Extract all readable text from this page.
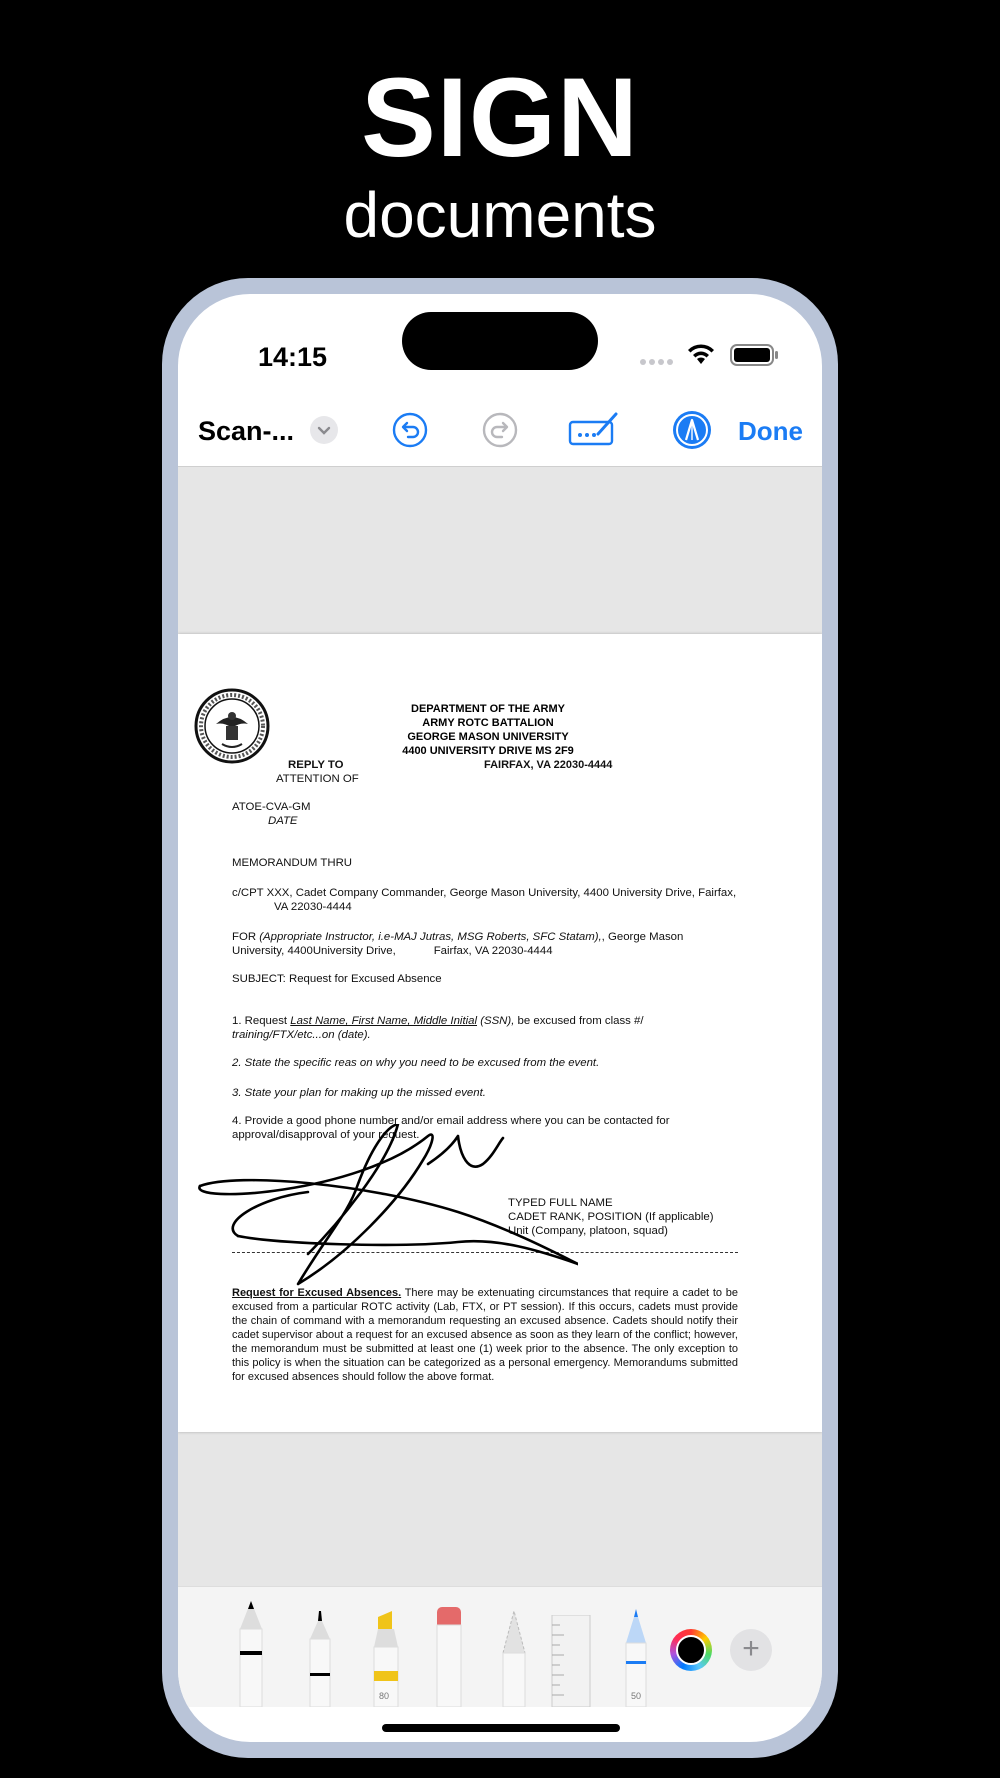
SIGN
documents
14:15
Scan-...	Done
DEPARTMENT OF THE ARMY
ARMY ROTC BATTALION
GEORGE MASON UNIVERSITY
4400 UNIVERSITY DRIVE MS 2F9
FAIRFAX, VA 22030-4444
REPLY TO
ATTENTION OF
ATOE-CVA-GM
DATE
MEMORANDUM THRU
c/CPT XXX, Cadet Company Commander, George Mason University, 4400 University Drive, Fairfax,
VA 22030-4444
FOR (Appropriate Instructor, i.e-MAJ Jutras, MSG Roberts, SFC Statam),, George Mason
University, 4400University Drive,            Fairfax, VA 22030-4444
SUBJECT: Request for Excused Absence
1. Request Last Name, First Name, Middle Initial (SSN), be excused from class #/
training/FTX/etc...on (date).
2. State the specific reas on why you need to be excused from the event.
3. State your plan for making up the missed event.
4. Provide a good phone number and/or email address where you can be contacted for
approval/disapproval of your request.
TYPED FULL NAME
CADET RANK, POSITION (If applicable)
Unit (Company, platoon, squad)
Request for Excused Absences. There may be extenuating circumstances that require a cadet to be excused from a particular ROTC activity (Lab, FTX, or PT session). If this occurs, cadets must provide the chain of command with a memorandum requesting an excused absence. Cadets should notify their cadet supervisor about a request for an excused absence as soon as they learn of the conflict; however, the memorandum must be submitted at least one (1) week prior to the absence. The only exception to this policy is when the situation can be categorized as a personal emergency. Memorandums submitted for excused absences should follow the above format.
80	50
+
